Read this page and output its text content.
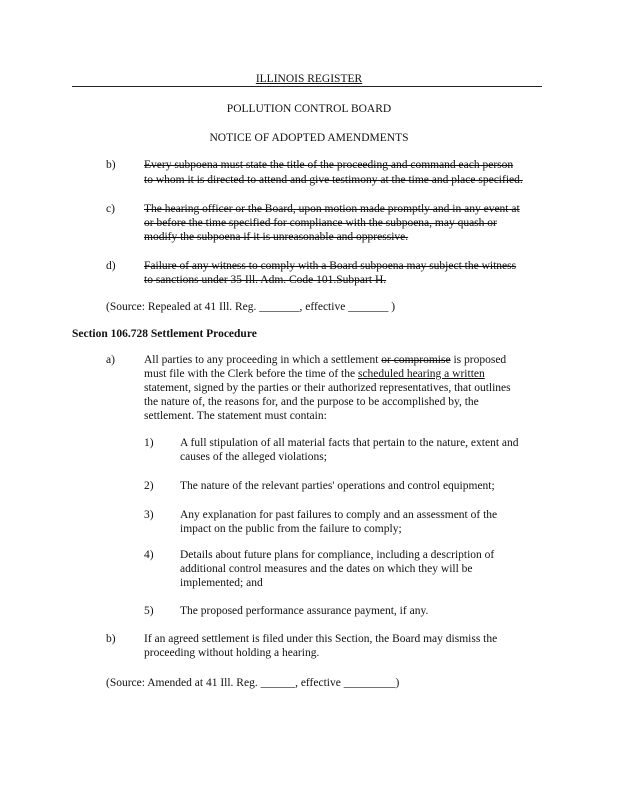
ILLINOIS REGISTER
POLLUTION CONTROL BOARD
NOTICE OF ADOPTED AMENDMENTS
b) Every subpoena must state the title of the proceeding and command each person
to whom it is directed to attend and give testimony at the time and place specified.
c)	The hearing officer or the Board, upon motion made promptly and in any event at
or before the time specified for compliance with the subpoena, may quash or
modify the subpoena if it is unreasonable and oppressive.
d) Failure of any witness to comply with a Board subpoena may subject the witness
to sanctions under 35 Ill. Adm. Code 101.Subpart H.
(Source: Repealed at 41 Ill. Reg. _______, effective _______ )
Section 106.728 Settlement Procedure
a)	All parties to any proceeding in which a settlement or compromise is proposed
must file with the Clerk before the time of the scheduled hearing a written
statement, signed by the parties or their authorized representatives, that outlines
the nature of, the reasons for, and the purpose to be accomplished by, the
settlement. The statement must contain:
1) A full stipulation of all material facts that pertain to the nature, extent and
causes of the alleged violations;
2) The nature of the relevant parties' operations and control equipment;
3) Any explanation for past failures to comply and an assessment of the
impact on the public from the failure to comply;
4) Details about future plans for compliance, including a description of
additional control measures and the dates on which they will be
implemented; and
5) The proposed performance assurance payment, if any.
b) If an agreed settlement is filed under this Section, the Board may dismiss the
proceeding without holding a hearing.
(Source: Amended at 41 Ill. Reg. ______, effective _________)
